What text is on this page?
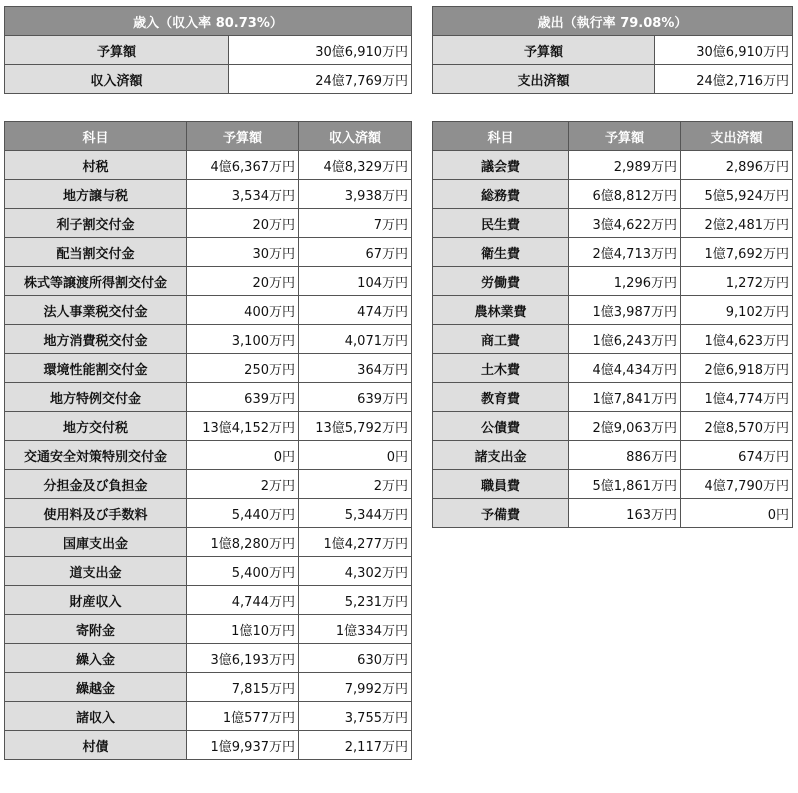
歳入（収入率 80.73%）	
予算額	30億6,910万円
収入済額	24億7,769万円
歳出（執行率 79.08%）	
予算額	30億6,910万円
支出済額	24億2,716万円
科目	予算額	収入済額
村税	4億6,367万円	4億8,329万円
地方譲与税	3,534万円	3,938万円
利子割交付金	20万円	7万円
配当割交付金	30万円	67万円
株式等譲渡所得割交付金	20万円	104万円
法人事業税交付金	400万円	474万円
地方消費税交付金	3,100万円	4,071万円
環境性能割交付金	250万円	364万円
地方特例交付金	639万円	639万円
地方交付税	13億4,152万円	13億5,792万円
交通安全対策特別交付金	0円	0円
分担金及び負担金	2万円	2万円
使用料及び手数料	5,440万円	5,344万円
国庫支出金	1億8,280万円	1億4,277万円
道支出金	5,400万円	4,302万円
財産収入	4,744万円	5,231万円
寄附金	1億10万円	1億334万円
繰入金	3億6,193万円	630万円
繰越金	7,815万円	7,992万円
諸収入	1億577万円	3,755万円
村債	1億9,937万円	2,117万円
科目	予算額	支出済額
議会費	2,989万円	2,896万円
総務費	6億8,812万円	5億5,924万円
民生費	3億4,622万円	2億2,481万円
衛生費	2億4,713万円	1億7,692万円
労働費	1,296万円	1,272万円
農林業費	1億3,987万円	9,102万円
商工費	1億6,243万円	1億4,623万円
土木費	4億4,434万円	2億6,918万円
教育費	1億7,841万円	1億4,774万円
公債費	2億9,063万円	2億8,570万円
諸支出金	886万円	674万円
職員費	5億1,861万円	4億7,790万円
予備費	163万円	0円
